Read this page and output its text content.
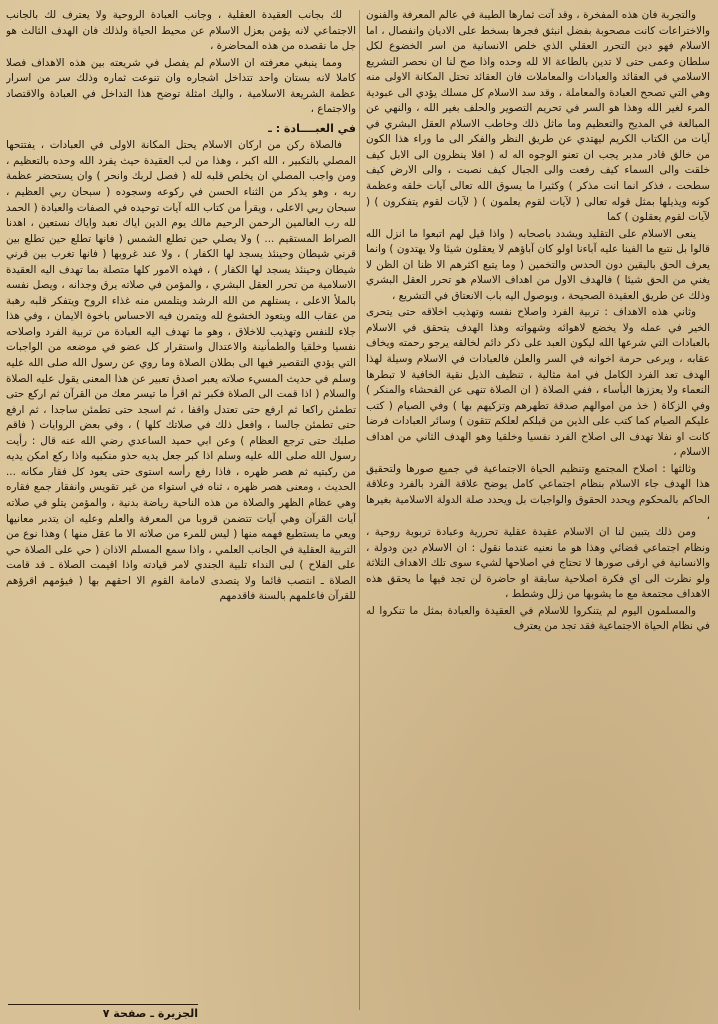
والتجربة فان هذه المفخرة ، وقد آتت ثمارها الطيبة في عالم المعرفة والفنون والاختراعات كانت مصحوبة بفضل انبثق فجرها بسخط على الاديان وانفصال ، اما الاسلام فهو دين التحرر العقلي الذي خلص الانسانية من اسر الخضوع لكل سلطان وعمى حتى لا تدين بالطاعة الا لله وحده واذا صح لنا ان نحصر التشريع الاسلامي في العقائد والعبادات والمعاملات فان العقائد تحتل المكانة الاولى منه وهي التي تصحح العبادة والمعاملة ، وقد سد الاسلام كل مسلك يؤدي الى عبودية المرء لغير الله وهذا هو السر في تحريم التصوير والحلف بغير الله ، والنهي عن المبالغة في المديح والتعظيم وما ماثل ذلك وخاطب الاسلام العقل البشري في آيات من الكتاب الكريم ليهتدي عن طريق النظر والفكر الى ما وراء هذا الكون من خالق قادر مدبر يجب ان تعنو الوجوه اله له ( افلا ينظرون الى الابل كيف خلقت والى السماء كيف رفعت والى الجبال كيف نصبت ، والى الارض كيف سطحت ، فذكر انما انت مذكر ) وكثيرا ما يسوق الله تعالى آيات خلقه وعظمة كونه ويذيلها بمثل قوله تعالى ( لآيات لقوم يعلمون ) ( لآيات لقوم يتفكرون ) ( لآيات لقوم يعقلون ) كما

ينعى الاسلام على التقليد ويشدد باصحابه ( واذا قيل لهم اتبعوا ما انزل الله قالوا بل نتبع ما الفينا عليه آباءنا اولو كان آباؤهم لا يعقلون شيئا ولا يهتدون ) وانما يعرف الحق باليقين دون الحدس والتخمين ( وما يتبع اكثرهم الا ظنا ان الظن لا يغني من الحق شيئا ) فالهدف الاول من اهداف الاسلام هو تحرر العقل البشري وذلك عن طريق العقيدة الصحيحة ، وبوصول اليه باب الانعتاق في التشريع ،

وثاني هذه الاهداف : تربية الفرد واصلاح نفسه وتهذيب اخلاقه حتى يتحرى الخير في عمله ولا يخضع لاهوائه وشهواته وهذا الهدف يتحقق في الاسلام بالعبادات التي شرعها الله ليكون العبد على ذكر دائم لخالقه يرجو رحمته ويخاف عقابه ، ويرعى حرمة اخوانه في السر والعلن فالعبادات في الاسلام وسيلة لهذا الهدف تعد الفرد الكامل في امة مثالية ، تنظيف الذيل نقية الخافية لا تبطرها النعماء ولا يعززها البأساء ، ففي الصلاة ( ان الصلاة تنهى عن الفحشاء والمنكر ) وفي الزكاة ( خذ من اموالهم صدقة تطهرهم وتزكيهم بها ) وفي الصيام ( كتب عليكم الصيام كما كتب على الذين من قبلكم لعلكم تتقون ) وسائر العبادات فرضا كانت او نفلا تهدف الى اصلاح الفرد نفسيا وخلقيا وهو الهدف الثاني من اهداف الاسلام ،

وثالثها : اصلاح المجتمع وتنظيم الحياة الاجتماعية في جميع صورها ولتحقيق هذا الهدف جاء الاسلام بنظام اجتماعي كامل يوضح علاقة الفرد بالفرد وعلاقة الحاكم بالمحكوم ويحدد الحقوق والواجبات بل ويحدد صلة الدولة الاسلامية بغيرها ،

ومن ذلك يتبين لنا ان الاسلام عقيدة عقلية تحررية وعبادة تربوية روحية ، ونظام اجتماعي قضائي وهذا هو ما نعنيه عندما نقول : ان الاسلام دين ودولة ، والانسانية في ارقى صورها لا تحتاج في اصلاحها لشيء سوى تلك الاهداف الثلاثة ولو نظرت الى اي فكرة اصلاحية سابقة او حاضرة لن تجد فيها ما يحقق هذه الاهداف مجتمعة مع ما يشوبها من زلل وشطط ،

والمسلمون اليوم لم يتنكروا للاسلام في العقيدة والعبادة بمثل ما تنكروا له في نظام الحياة الاجتماعية فقد تجد من يعترف

لك بجانب العقيدة العقلية ، وجانب العبادة الروحية ولا يعترف لك بالجانب الاجتماعي لانه يؤمن بعزل الاسلام عن محيط الحياة ولذلك فان الهدف الثالث هو جل ما نقصده من هذه المحاضرة ،

ومما ينبغي معرفته ان الاسلام لم يفصل في شريعته بين هذه الاهداف فصلا كاملا لانه بستان واحد تتداخل اشجاره وان تنوعت ثماره وذلك سر من اسرار عظمة الشريعة الاسلامية ، واليك امثلة توضح هذا التداخل في العبادة والاقتصاد والاجتماع ،

في العبــــادة : ـ

فالصلاة ركن من اركان الاسلام يحتل المكانة الاولى في العبادات ، يفتتحها المصلي بالتكبير ، الله اكبر ، وهذا من لب العقيدة حيث يفرد الله وحده بالتعظيم ، ومن واجب المصلي ان يخلص قلبه لله ( فصل لربك وانحر ) وان يستحضر عظمة ربه ، وهو يذكر من الثناء الحسن في ركوعه وسجوده ( سبحان ربي العظيم ، سبحان ربي الاعلى ، ويقرأ من كتاب الله آيات توحيده في الصفات والعبادة ( الحمد لله رب العالمين الرحمن الرحيم مالك يوم الدين اياك نعبد واياك نستعين ، اهدنا الصراط المستقيم ... ) ولا يصلي حين تطلع الشمس ( فانها تطلع حين تطلع بين قرني شيطان وحينئذ يسجد لها الكفار ) ، ولا عند غروبها ( فانها تغرب بين قرني شيطان وحينئذ يسجد لها الكفار ) ، فهذه الامور كلها متصلة بما تهدف اليه العقيدة الاسلامية من تحرر العقل البشري ، والمؤمن في صلاته يرق وجدانه ، ويصل نفسه بالملأ الاعلى ، يستلهم من الله الرشد ويتلمس منه غذاء الروح ويتفكر قلبه رهبة من عقاب الله ويتعود الخشوع لله ويتمرن فيه الاحساس باخوة الايمان ، وفي هذا جلاء للنفس وتهذيب للاخلاق ، وهو ما تهدف اليه العبادة من تربية الفرد واصلاحه نفسيا وخلقيا والطمأنينة والاعتدال واستقرار كل عضو في موضعه من الواجبات التي يؤدي التقصير فيها الى بطلان الصلاة وما روي عن رسول الله صلى الله عليه وسلم في حديث المسيء صلاته يعبر اصدق تعبير عن هذا المعنى يقول عليه الصلاة والسلام ( اذا قمت الى الصلاة فكبر ثم اقرأ ما تيسر معك من القرآن ثم اركع حتى تطمئن راكعا ثم ارفع حتى تعتدل واقفا ، ثم اسجد حتى تطمئن ساجدا ، ثم ارفع حتى تطمئن جالسا ، وافعل ذلك في صلاتك كلها ) ، وفي بعض الروايات ( فاقم صلبك حتى ترجع العظام ) وعن ابي حميد الساعدي رضي الله عنه قال : رأيت رسول الله صلى الله عليه وسلم اذا كبر جعل يديه حذو منكبيه واذا ركع امكن يديه من ركبتيه ثم هصر ظهره ، فاذا رفع رأسه استوى حتى يعود كل فقار مكانه ... الحديث ، ومعنى هصر ظهره ، ثناه في استواء من غير تقويس وانفقار جمع فقاره وهي عظام الظهر والصلاة من هذه الناحية رياضة بدنية ، والمؤمن يتلو في صلاته آيات القرآن وهي آيات تتضمن قروبا من المعرفة والعلم وعليه ان يتدبر معانيها ويعي ما يستطيع فهمه منها ( ليس للمرء من صلاته الا ما عقل منها ) وهذا نوع من التربية العقلية في الجانب العلمي ، واذا سمع المسلم الاذان ( حي على الصلاة حي على الفلاح ) لبى النداء تلبية الجندي لامر قيادته واذا اقيمت الصلاة ـ قد قامت الصلاة ـ انتصب قائما ولا يتصدى لامامة القوم الا احقهم بها ( فيؤمهم اقرؤهم للقرآن فاعلمهم بالسنة فاقدمهم

الجزيرة ـ صفحة ٧
